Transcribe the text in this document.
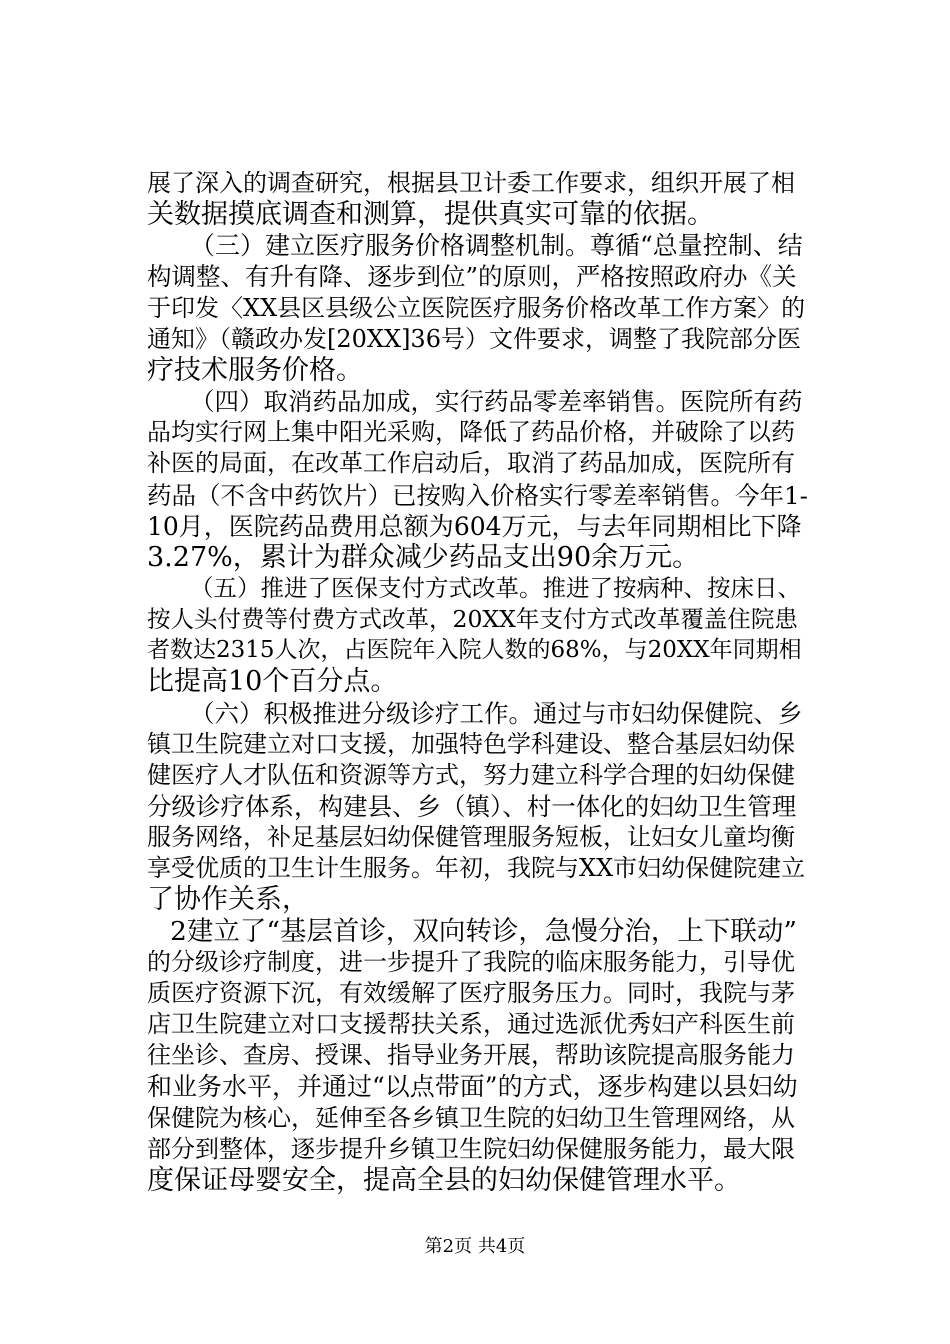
展了深入的调查研究，根据县卫计委工作要求，组织开展了相

关数据摸底调查和测算，提供真实可靠的依据。

（三）建立医疗服务价格调整机制。尊循“总量控制、结

构调整、有升有降、逐步到位”的原则，严格按照政府办《关

于印发〈XX县区县级公立医院医疗服务价格改革工作方案〉的

通知》（赣政办发[20XX]36号）文件要求，调整了我院部分医

疗技术服务价格。

（四）取消药品加成，实行药品零差率销售。医院所有药

品均实行网上集中阳光采购，降低了药品价格，并破除了以药

补医的局面，在改革工作启动后，取消了药品加成，医院所有

药品（不含中药饮片）已按购入价格实行零差率销售。今年1-

10月，医院药品费用总额为604万元，与去年同期相比下降

3.27%，累计为群众减少药品支出90余万元。

（五）推进了医保支付方式改革。推进了按病种、按床日、

按人头付费等付费方式改革，20XX年支付方式改革覆盖住院患

者数达2315人次，占医院年入院人数的68%，与20XX年同期相

比提高10个百分点。

（六）积极推进分级诊疗工作。通过与市妇幼保健院、乡

镇卫生院建立对口支援，加强特色学科建设、整合基层妇幼保

健医疗人才队伍和资源等方式，努力建立科学合理的妇幼保健

分级诊疗体系，构建县、乡（镇）、村一体化的妇幼卫生管理

服务网络，补足基层妇幼保健管理服务短板，让妇女儿童均衡

享受优质的卫生计生服务。年初，我院与XX市妇幼保健院建立

了协作关系，

2建立了“基层首诊，双向转诊，急慢分治，上下联动”

的分级诊疗制度，进一步提升了我院的临床服务能力，引导优

质医疗资源下沉，有效缓解了医疗服务压力。同时，我院与茅

店卫生院建立对口支援帮扶关系，通过选派优秀妇产科医生前

往坐诊、查房、授课、指导业务开展，帮助该院提高服务能力

和业务水平，并通过“以点带面”的方式，逐步构建以县妇幼

保健院为核心，延伸至各乡镇卫生院的妇幼卫生管理网络，从

部分到整体，逐步提升乡镇卫生院妇幼保健服务能力，最大限

度保证母婴安全，提高全县的妇幼保健管理水平。

第2页 共4页
